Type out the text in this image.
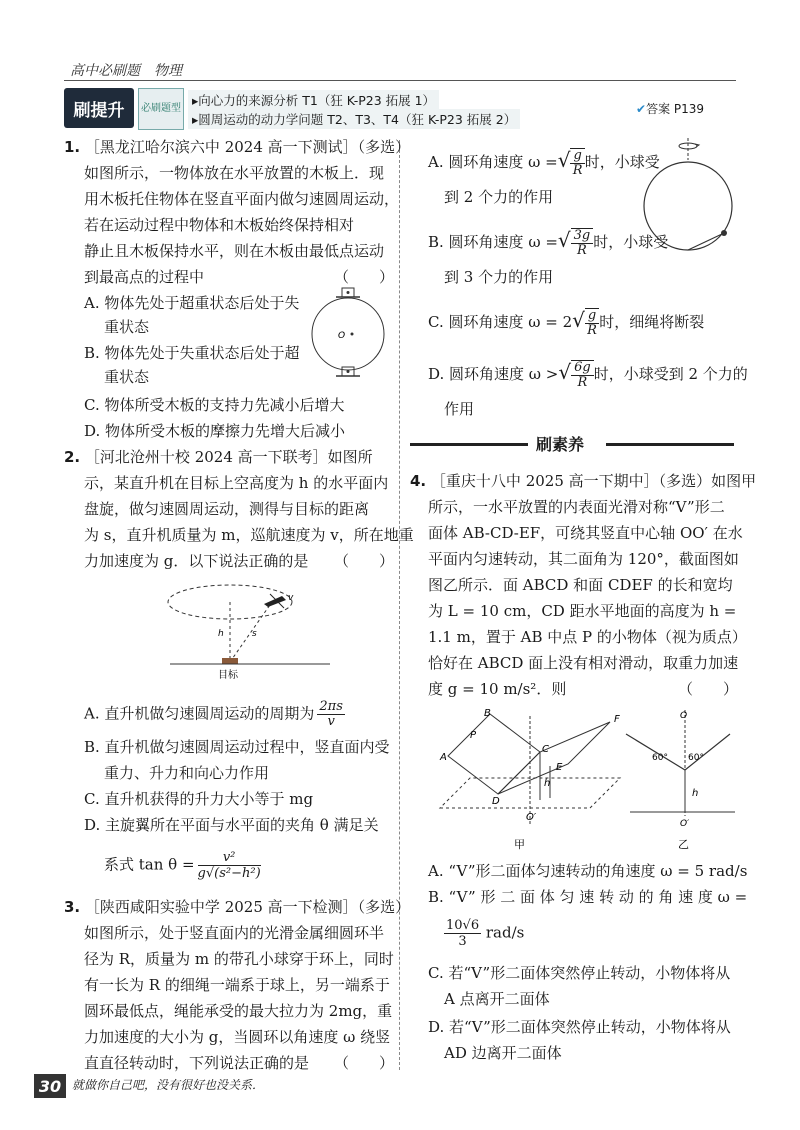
高中必刷题　物理
刷提升	必刷题型
▸向心力的来源分析 T1（狂 K-P23 拓展 1）
▸圆周运动的动力学问题 T2、T3、T4（狂 K-P23 拓展 2）
✔答案 P139
1. ［黑龙江哈尔滨六中 2024 高一下测试］（多选）
如图所示，一物体放在水平放置的木板上．现
用木板托住物体在竖直平面内做匀速圆周运动，
若在运动过程中物体和木板始终保持相对
静止且木板保持水平，则在木板由最低点运动
到最高点的过程中	（　　）
A. 物体先处于超重状态后处于失
重状态
B. 物体先处于失重状态后处于超
重状态
C. 物体所受木板的支持力先减小后增大
D. 物体所受木板的摩擦力先增大后减小
O
2. ［河北沧州十校 2024 高一下联考］如图所
示，某直升机在目标上空高度为 h 的水平面内
盘旋，做匀速圆周运动，测得与目标的距离
为 s，直升机质量为 m，巡航速度为 v，所在地重
力加速度为 g．以下说法正确的是 （　　）
v
h	s
目标
A. 直升机做匀速圆周运动的周期为 $\frac{2\pi s}{v}$
B. 直升机做匀速圆周运动过程中，竖直面内受
重力、升力和向心力作用
C. 直升机获得的升力大小等于 mg
D. 主旋翼所在平面与水平面的夹角 θ 满足关
系式 $\tan \theta = \frac{\text{v²}}{\text{g√(s²−h²)}}$
3. ［陕西咸阳实验中学 2025 高一下检测］（多选）
如图所示，处于竖直面内的光滑金属细圆环半
径为 R，质量为 m 的带孔小球穿于环上，同时
有一长为 R 的细绳一端系于球上，另一端系于
圆环最低点，绳能承受的最大拉力为 2mg，重
力加速度的大小为 g，当圆环以角速度 ω 绕竖
直直径转动时，下列说法正确的是 （　　）
A. 圆环角速度 ω =√ $\frac{g}{R}$ 时，小球受
到 2 个力的作用
B. 圆环角速度 ω =√ $\frac{3g}{R}$ 时，小球受
到 3 个力的作用
C. 圆环角速度 $\omega = 2√ \frac{g}{R}$ 时，细绳将断裂
D. 圆环角速度 ω >√ $\frac{6g}{R}$ 时，小球受到 2 个力的
作用
刷素养
4. ［重庆十八中 2025 高一下期中］（多选）如图甲
所示，一水平放置的内表面光滑对称“V”形二
面体 AB-CD-EF，可绕其竖直中心轴 OO′ 在水
平面内匀速转动，其二面角为 120°，截面图如
图乙所示．面 ABCD 和面 CDEF 的长和宽均
为 L = 10 cm，CD 距水平地面的高度为 h =
1.1 m，置于 AB 中点 P 的小物体（视为质点）
恰好在 ABCD 面上没有相对滑动，取重力加速
度 g = 10 m/s²．则	（　　）
A
B
C
D
E
F
P
h
O′
甲
O
60° 60°
h
O′
乙
A. “V”形二面体匀速转动的角速度 ω = 5 rad/s
B. “V” 形 二 面 体 匀 速 转 动 的 角 速 度 ω =
$\frac{10√6}{3} rad/s$
C. 若“V”形二面体突然停止转动，小物体将从
A 点离开二面体
D. 若“V”形二面体突然停止转动，小物体将从
AD 边离开二面体
30 就做你自己吧，没有很好也没关系．
